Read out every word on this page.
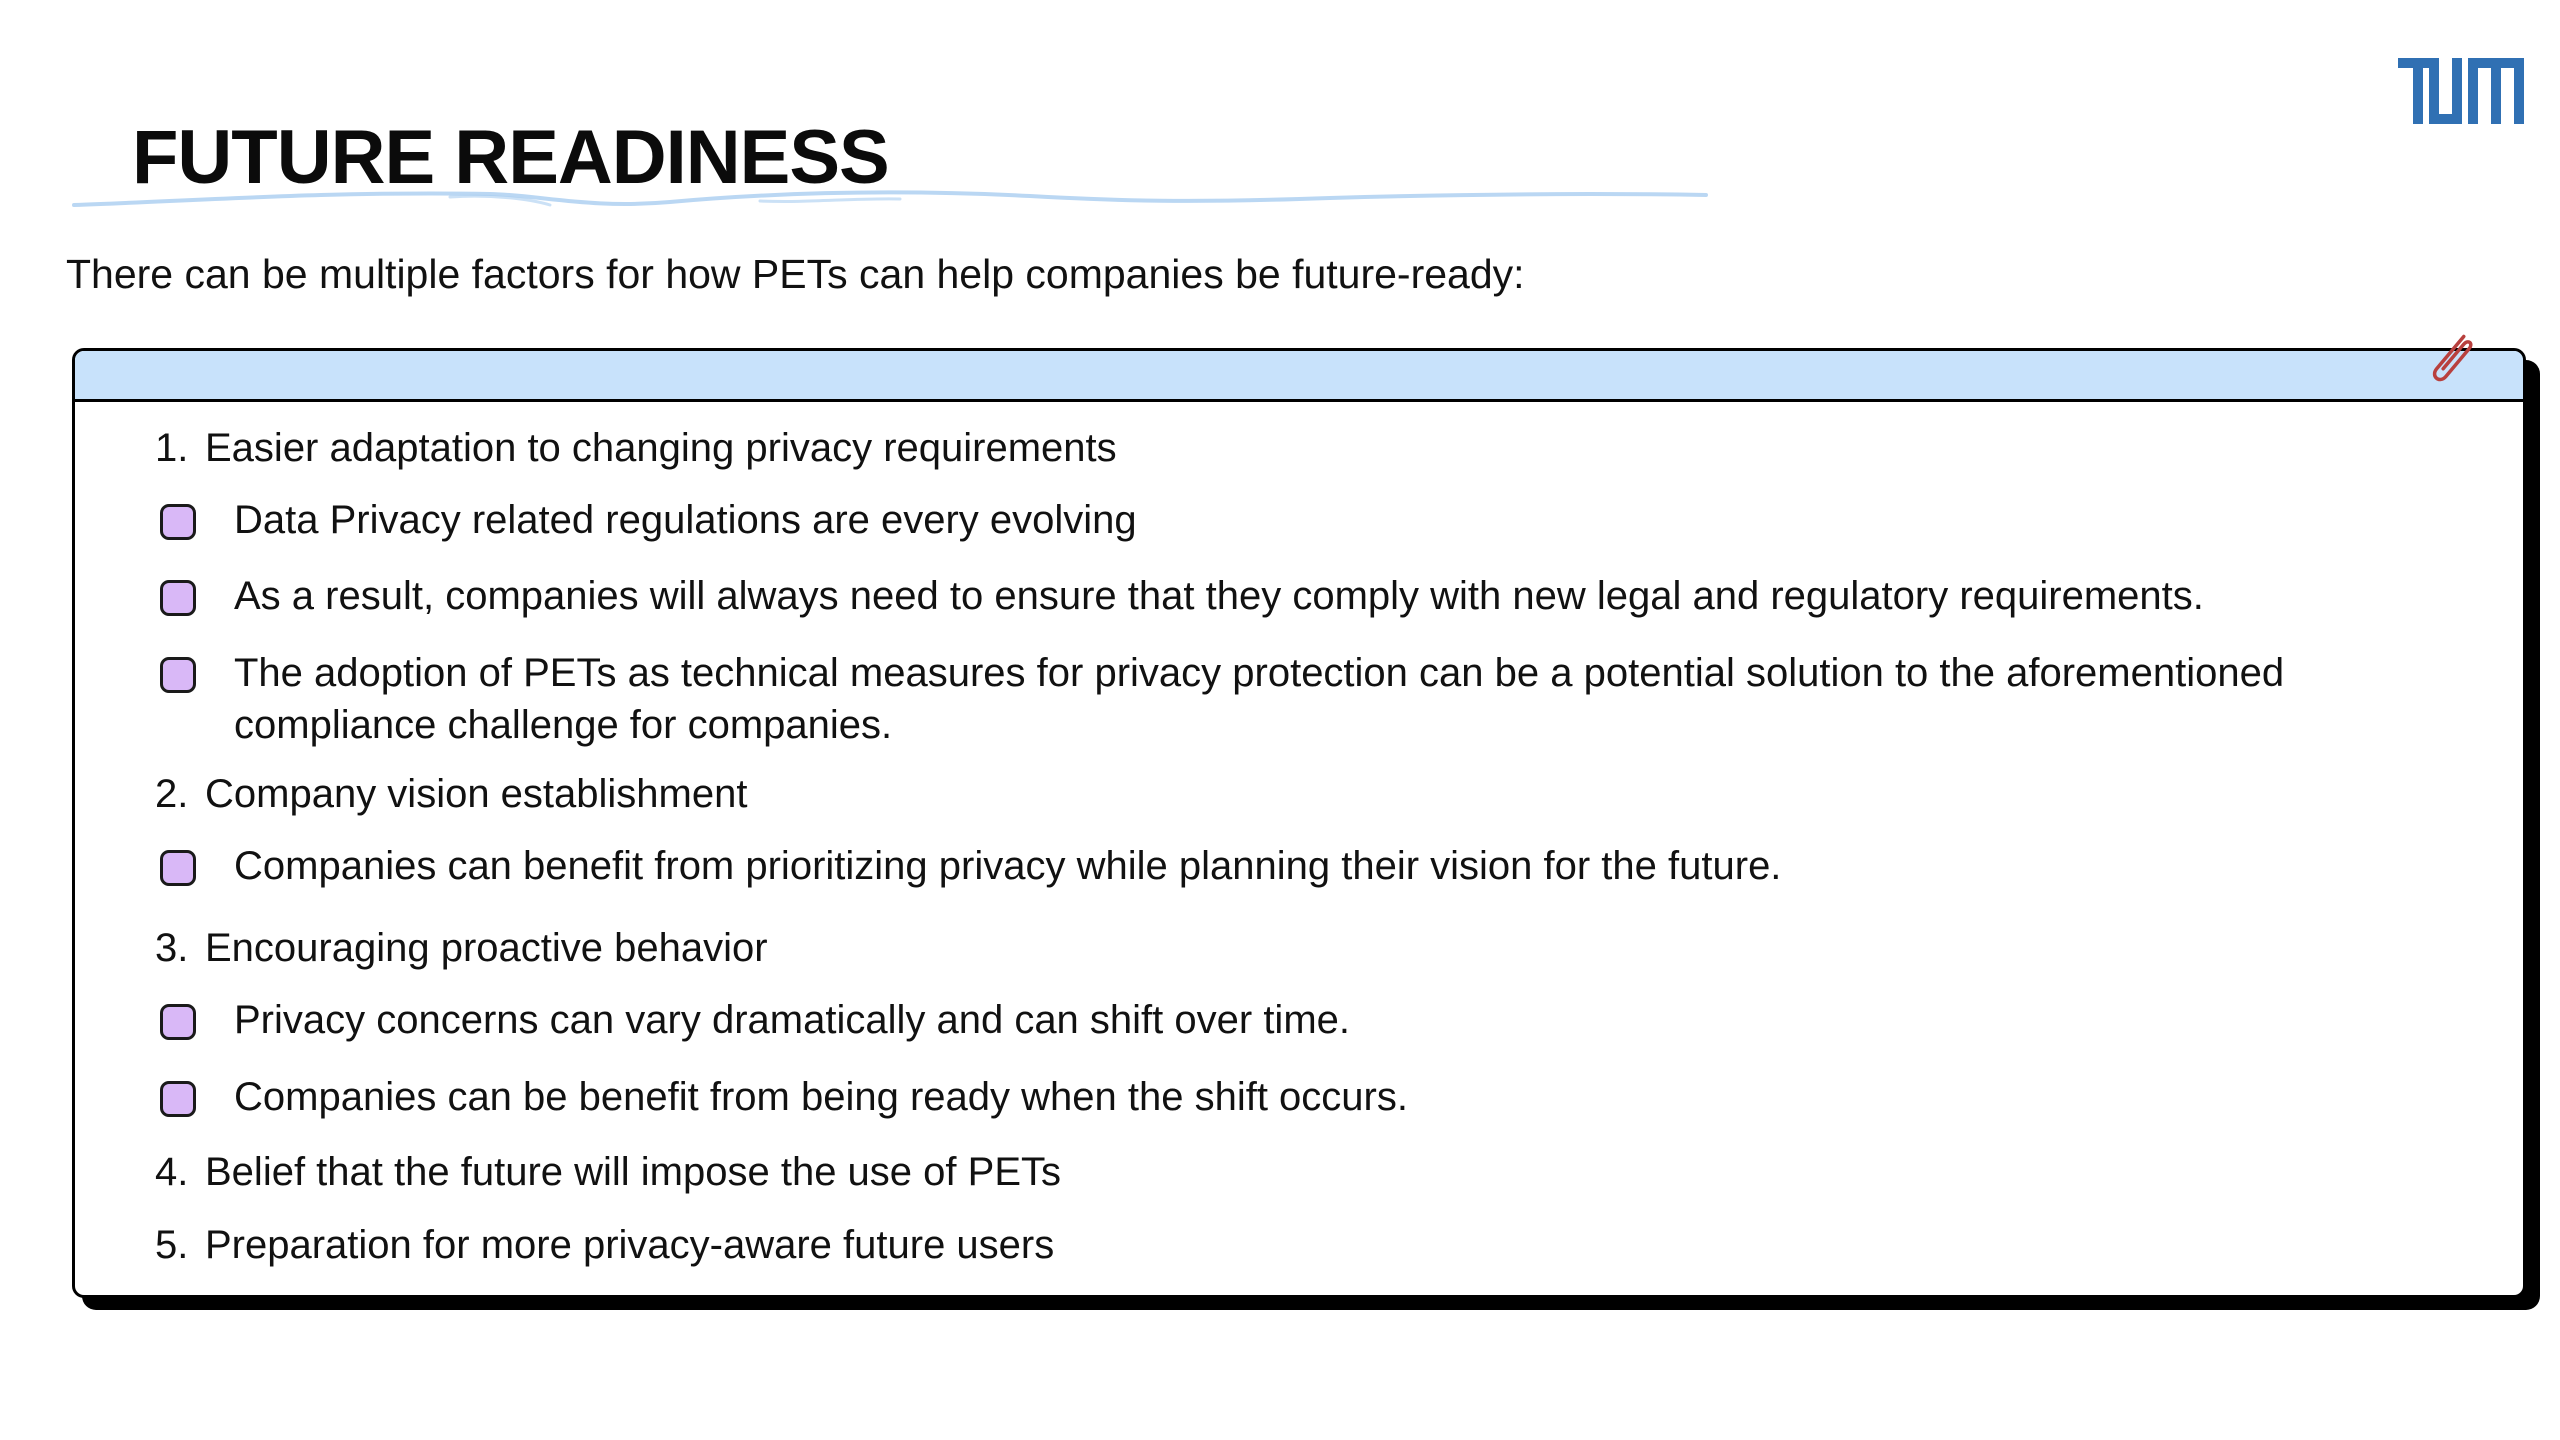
FUTURE READINESS

There can be multiple factors for how PETs can help companies be future-ready:

1. Easier adaptation to changing privacy requirements
Data Privacy related regulations are every evolving
As a result, companies will always need to ensure that they comply with new legal and regulatory requirements.
The adoption of PETs as technical measures for privacy protection can be a potential solution to the aforementioned compliance challenge for companies.
2. Company vision establishment
Companies can benefit from prioritizing privacy while planning their vision for the future.
3. Encouraging proactive behavior
Privacy concerns can vary dramatically and can shift over time.
Companies can be benefit from being ready when the shift occurs.
4. Belief that the future will impose the use of PETs
5. Preparation for more privacy-aware future users
